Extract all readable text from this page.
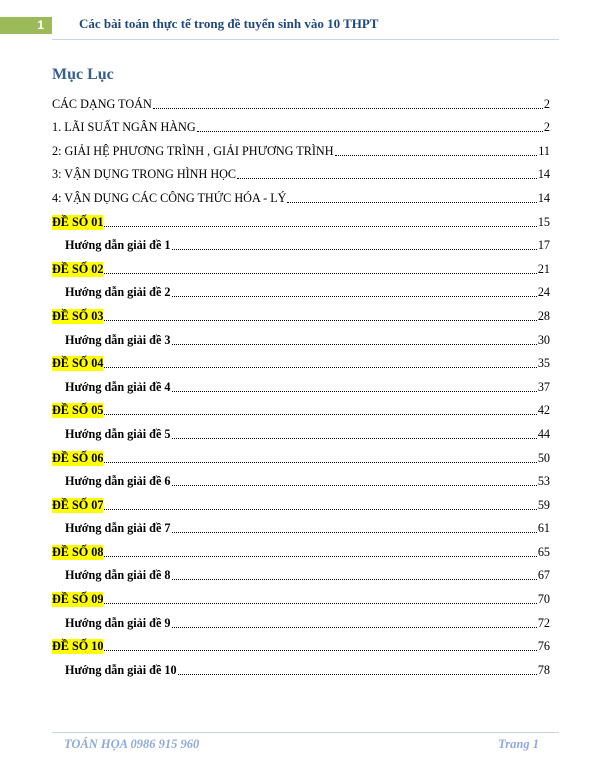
1	Các bài toán thực tế trong đề tuyển sinh vào 10 THPT
Mục Lục
CÁC DẠNG TOÁN	2
1. LÃI SUẤT NGÂN HÀNG	2
2: GIẢI HỆ PHƯƠNG TRÌNH , GIẢI PHƯƠNG TRÌNH	11
3: VẬN DỤNG TRONG HÌNH HỌC	14
4: VẬN DỤNG CÁC CÔNG THỨC HÓA - LÝ	14
ĐỀ SỐ 01	15
Hướng dẫn giải đề 1	17
ĐỀ SỐ 02	21
Hướng dẫn giải đề 2	24
ĐỀ SỐ 03	28
Hướng dẫn giải đề 3	30
ĐỀ SỐ 04	35
Hướng dẫn giải đề 4	37
ĐỀ SỐ 05	42
Hướng dẫn giải đề 5	44
ĐỀ SỐ 06	50
Hướng dẫn giải đề 6	53
ĐỀ SỐ 07	59
Hướng dẫn giải đề 7	61
ĐỀ SỐ 08	65
Hướng dẫn giải đề 8	67
ĐỀ SỐ 09	70
Hướng dẫn giải đề 9	72
ĐỀ SỐ 10	76
Hướng dẫn giải đề 10	78
TOÁN HỌA 0986 915 960	Trang 1
